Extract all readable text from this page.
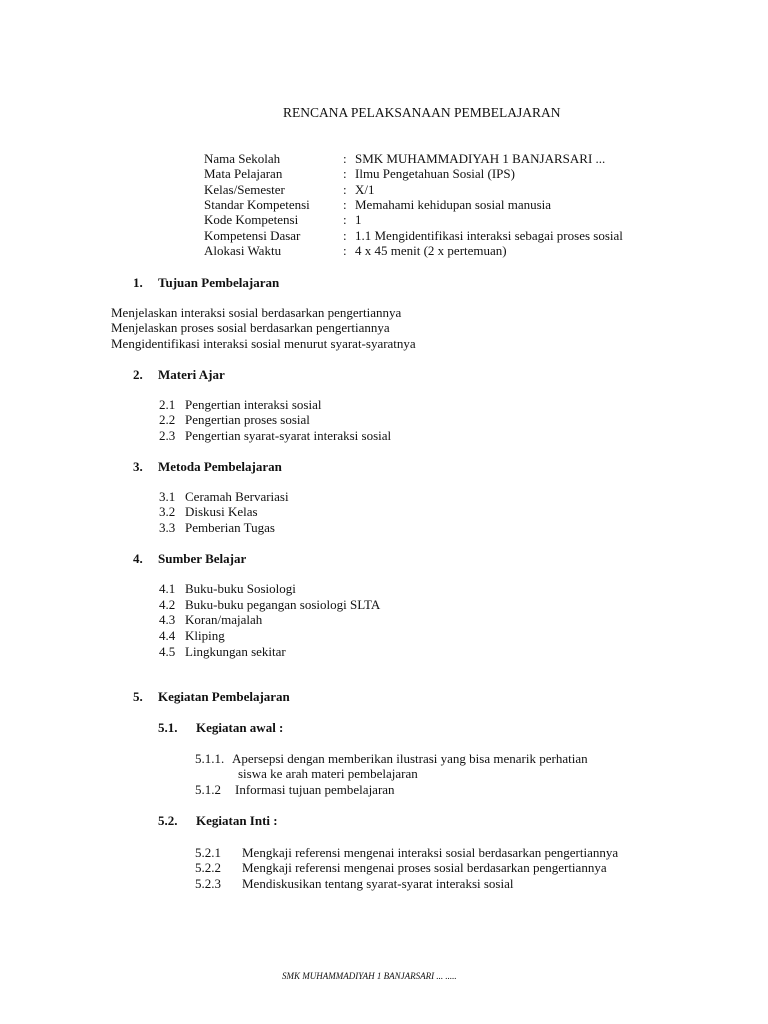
RENCANA PELAKSANAAN PEMBELAJARAN
Nama Sekolah	: SMK MUHAMMADIYAH 1 BANJARSARI ...
Mata Pelajaran	: Ilmu Pengetahuan Sosial (IPS)
Kelas/Semester	: X/1
Standar Kompetensi	: Memahami kehidupan sosial manusia
Kode Kompetensi	: 1
Kompetensi Dasar	: 1.1 Mengidentifikasi interaksi sebagai proses sosial
Alokasi Waktu	: 4 x 45 menit (2 x pertemuan)
1. Tujuan Pembelajaran
Menjelaskan interaksi sosial berdasarkan pengertiannya
Menjelaskan proses sosial berdasarkan pengertiannya
Mengidentifikasi interaksi sosial menurut syarat-syaratnya
2. Materi Ajar
2.1 Pengertian interaksi sosial
2.2 Pengertian proses sosial
2.3 Pengertian syarat-syarat interaksi sosial
3. Metoda Pembelajaran
3.1 Ceramah Bervariasi
3.2 Diskusi Kelas
3.3 Pemberian Tugas
4. Sumber Belajar
4.1 Buku-buku Sosiologi
4.2 Buku-buku pegangan sosiologi SLTA
4.3 Koran/majalah
4.4 Kliping
4.5 Lingkungan sekitar
5. Kegiatan Pembelajaran
5.1. Kegiatan awal :
5.1.1. Apersepsi dengan memberikan ilustrasi yang bisa menarik perhatian
siswa ke arah materi pembelajaran
5.1.2 Informasi tujuan pembelajaran
5.2. Kegiatan Inti :
5.2.1 Mengkaji referensi mengenai interaksi sosial berdasarkan pengertiannya
5.2.2 Mengkaji referensi mengenai proses sosial berdasarkan pengertiannya
5.2.3 Mendiskusikan tentang syarat-syarat interaksi sosial
SMK MUHAMMADIYAH 1 BANJARSARI ... .....
